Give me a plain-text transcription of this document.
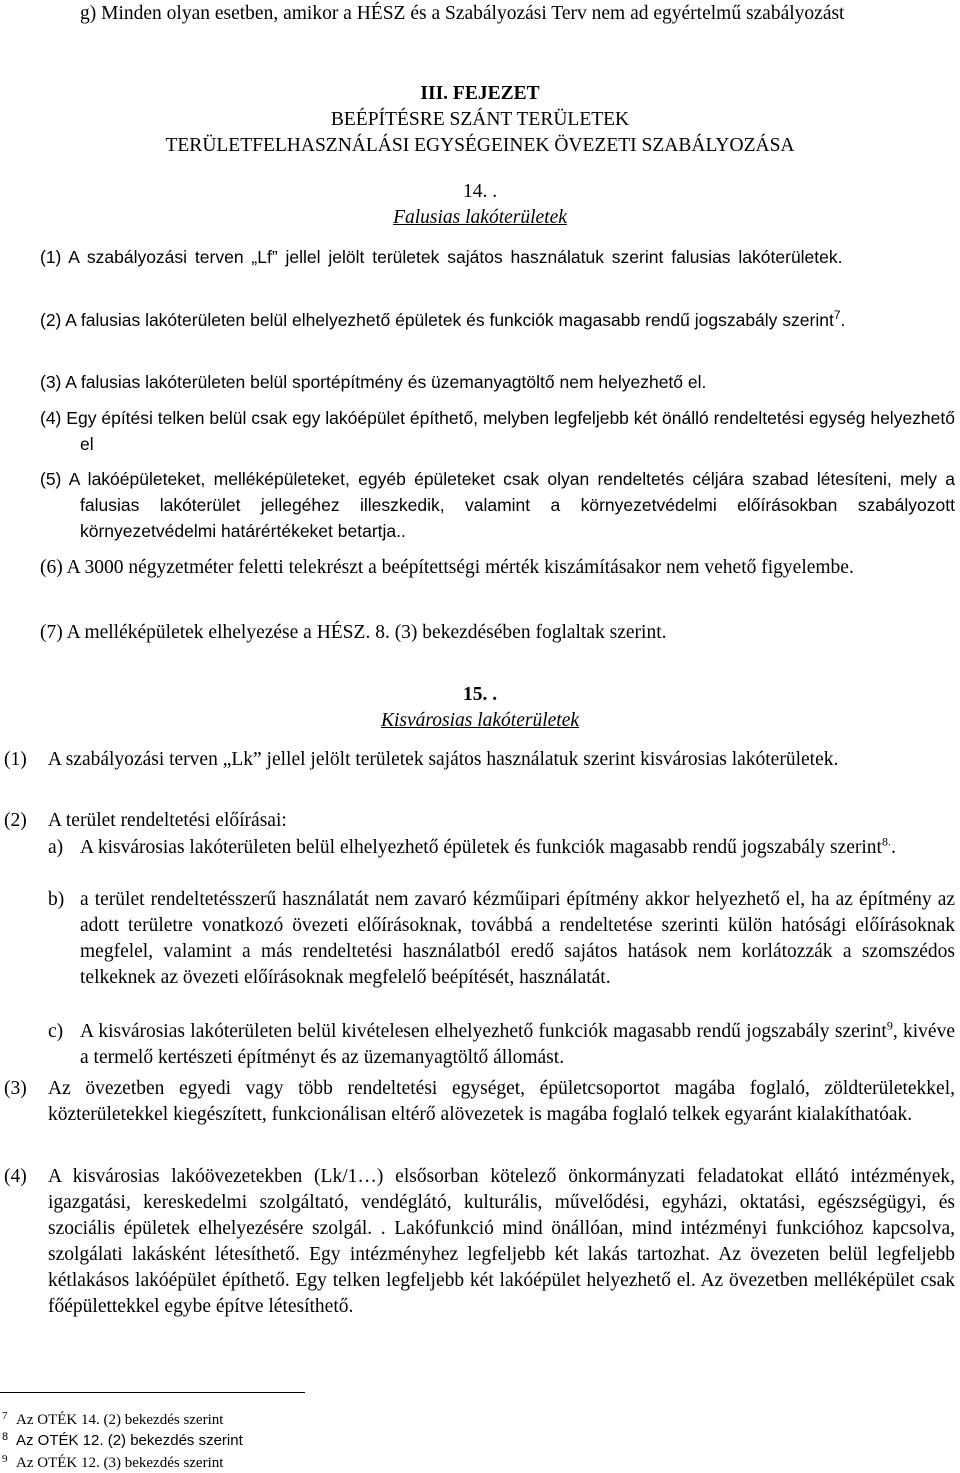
g) Minden olyan esetben, amikor a HÉSZ és a Szabályozási Terv nem ad egyértelmű szabályozást
III. FEJEZET
BEÉPÍTÉSRE SZÁNT TERÜLETEK
TERÜLETFELHASZNÁLÁSI EGYSÉGEINEK ÖVEZETI SZABÁLYOZÁSA
14. .
Falusias lakóterületek
(1) A szabályozási terven „Lf” jellel jelölt területek sajátos használatuk szerint falusias lakóterületek.
(2) A falusias lakóterületen belül elhelyezhető épületek és funkciók magasabb rendű jogszabály szerint$^7$.
(3) A falusias lakóterületen belül sportépítmény és üzemanyagtöltő nem helyezhető el.
(4) Egy építési telken belül csak egy lakóépület építhető, melyben legfeljebb két önálló rendeltetési egység helyezhető el
(5) A lakóépületeket, melléképületeket, egyéb épületeket csak olyan rendeltetés céljára szabad létesíteni, mely a falusias lakóterület jellegéhez illeszkedik, valamint a környezetvédelmi előírásokban szabályozott környezetvédelmi határértékeket betartja..
(6) A 3000 négyzetméter feletti telekrészt a beépítettségi mérték kiszámításakor nem vehető figyelembe.
(7) A melléképületek elhelyezése a HÉSZ. 8. (3) bekezdésében foglaltak szerint.
15. .
Kisvárosias lakóterületek
(1) A szabályozási terven „Lk” jellel jelölt területek sajátos használatuk szerint kisvárosias lakóterületek.
(2) A terület rendeltetési előírásai:
a) A kisvárosias lakóterületen belül elhelyezhető épületek és funkciók magasabb rendű jogszabály szerint$^{8.}$.
b) a terület rendeltetésszerű használatát nem zavaró kézműipari építmény akkor helyezhető el, ha az építmény az adott területre vonatkozó övezeti előírásoknak, továbbá a rendeltetése szerinti külön hatósági előírásoknak megfelel, valamint a más rendeltetési használatból eredő sajátos hatások nem korlátozzák a szomszédos telkeknek az övezeti előírásoknak megfelelő beépítését, használatát.
c) A kisvárosias lakóterületen belül kivételesen elhelyezhető funkciók magasabb rendű jogszabály szerint$^9$, kivéve a termelő kertészeti építményt és az üzemanyagtöltő állomást.
(3) Az övezetben egyedi vagy több rendeltetési egységet, épületcsoportot magába foglaló, zöldterületekkel, közterületekkel kiegészített, funkcionálisan eltérő alövezetek is magába foglaló telkek egyaránt kialakíthatóak.
(4) A kisvárosias lakóövezetekben (Lk/1…) elsősorban kötelező önkormányzati feladatokat ellátó intézmények, igazgatási, kereskedelmi szolgáltató, vendéglátó, kulturális, művelődési, egyházi, oktatási, egészségügyi, és szociális épületek elhelyezésére szolgál. . Lakófunkció mind önállóan, mind intézményi funkcióhoz kapcsolva, szolgálati lakásként létesíthető. Egy intézményhez legfeljebb két lakás tartozhat. Az övezeten belül legfeljebb kétlakásos lakóépület építhető. Egy telken legfeljebb két lakóépület helyezhető el. Az övezetben melléképület csak főépülettekkel egybe építve létesíthető.
7 Az OTÉK 14. (2) bekezdés szerint
8 Az OTÉK 12. (2) bekezdés szerint
9 Az OTÉK 12. (3) bekezdés szerint
